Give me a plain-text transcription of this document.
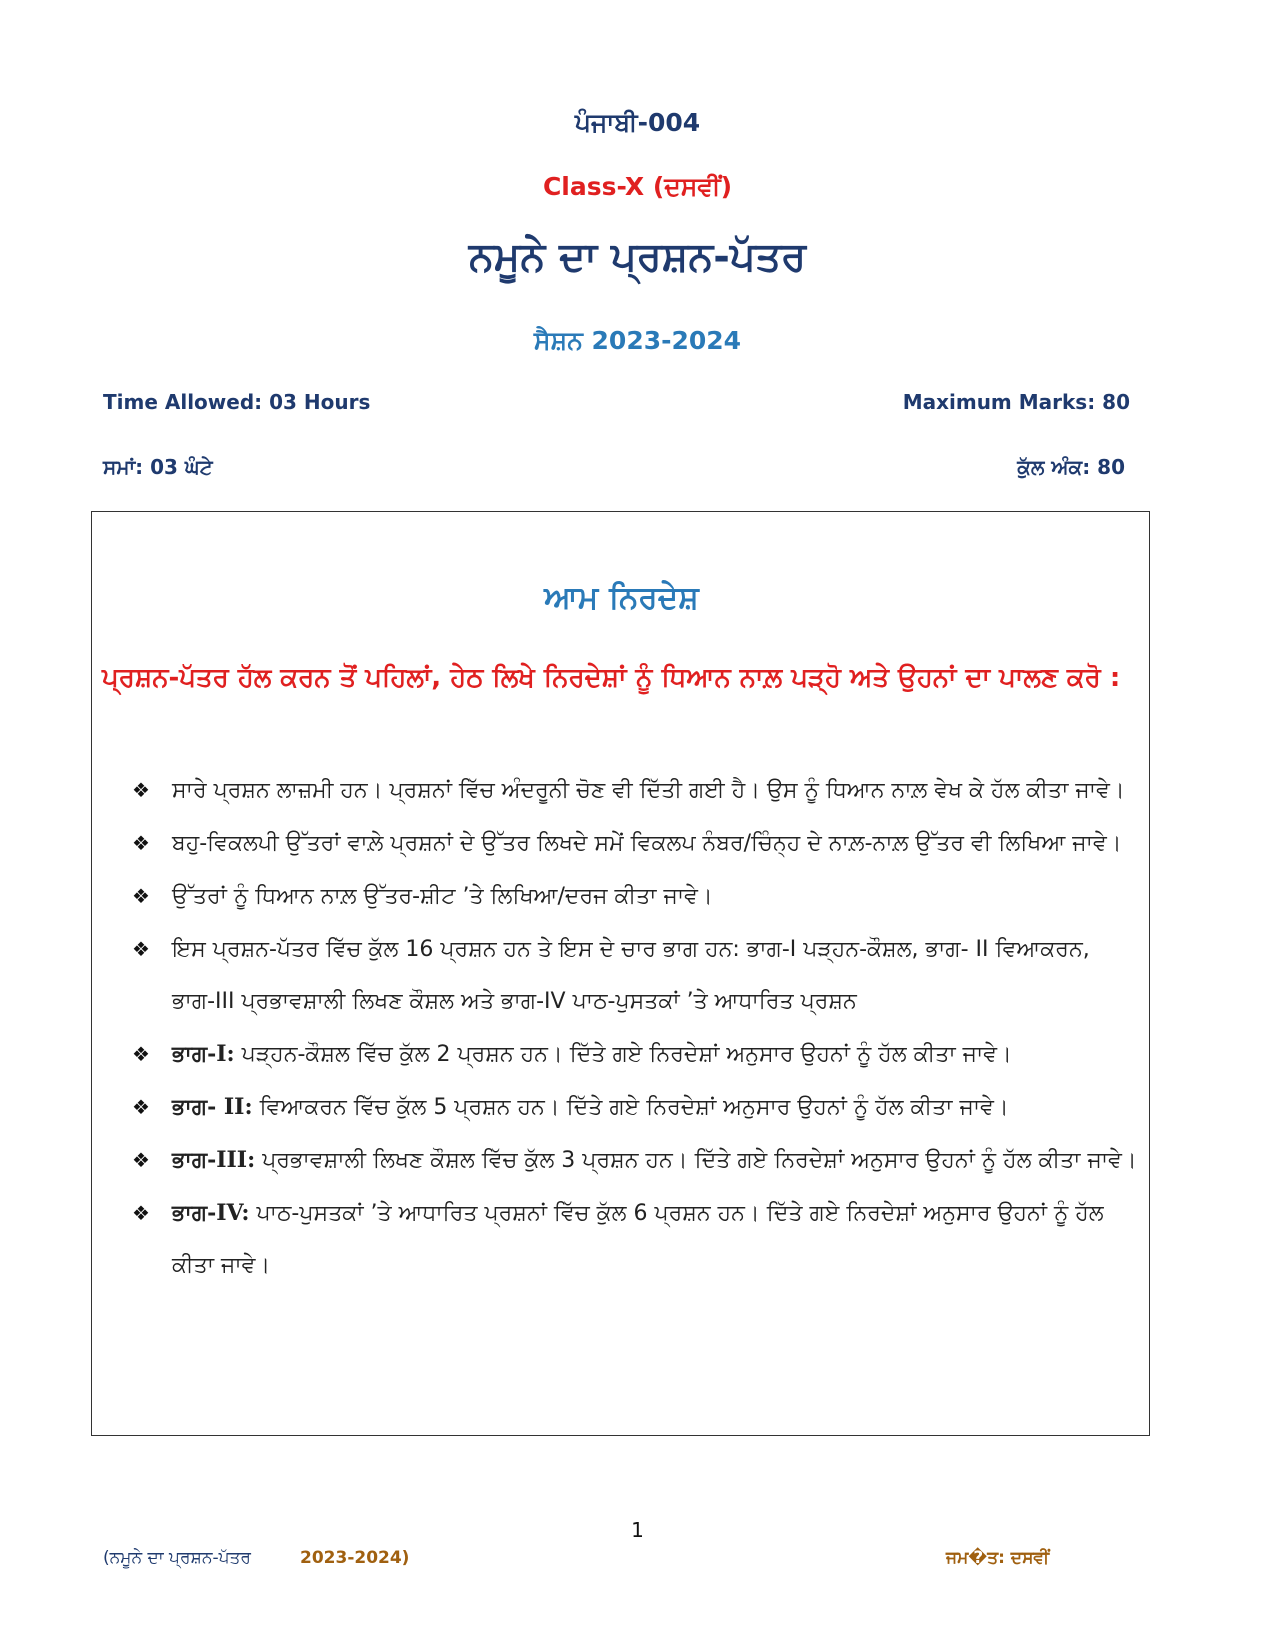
ਪੰਜਾਬੀ-004
Class-X (ਦਸਵੀਂ)
ਨਮੂਨੇ ਦਾ ਪ੍ਰਸ਼ਨ-ਪੱਤਰ
ਸੈਸ਼ਨ 2023-2024
Time Allowed: 03 Hours	Maximum Marks: 80
ਸਮਾਂ: 03 ਘੰਟੇ	ਕੁੱਲ ਅੰਕ: 80
ਆਮ ਨਿਰਦੇਸ਼
ਪ੍ਰਸ਼ਨ-ਪੱਤਰ ਹੱਲ ਕਰਨ ਤੋਂ ਪਹਿਲਾਂ, ਹੇਠ ਲਿਖੇ ਨਿਰਦੇਸ਼ਾਂ ਨੂੰ ਧਿਆਨ ਨਾਲ਼ ਪੜ੍ਹੋ ਅਤੇ ਉਹਨਾਂ ਦਾ ਪਾਲਣ ਕਰੋ :
❖ ਸਾਰੇ ਪ੍ਰਸ਼ਨ ਲਾਜ਼ਮੀ ਹਨ। ਪ੍ਰਸ਼ਨਾਂ ਵਿੱਚ ਅੰਦਰੂਨੀ ਚੋਣ ਵੀ ਦਿੱਤੀ ਗਈ ਹੈ। ਉਸ ਨੂੰ ਧਿਆਨ ਨਾਲ਼ ਵੇਖ ਕੇ ਹੱਲ ਕੀਤਾ ਜਾਵੇ।
❖ ਬਹੁ-ਵਿਕਲਪੀ ਉੱਤਰਾਂ ਵਾਲ਼ੇ ਪ੍ਰਸ਼ਨਾਂ ਦੇ ਉੱਤਰ ਲਿਖਦੇ ਸਮੇਂ ਵਿਕਲਪ ਨੰਬਰ/ਚਿੰਨ੍ਹ ਦੇ ਨਾਲ਼-ਨਾਲ਼ ਉੱਤਰ ਵੀ ਲਿਖਿਆ ਜਾਵੇ।
❖ ਉੱਤਰਾਂ ਨੂੰ ਧਿਆਨ ਨਾਲ਼ ਉੱਤਰ-ਸ਼ੀਟ ’ਤੇ ਲਿਖਿਆ/ਦਰਜ ਕੀਤਾ ਜਾਵੇ।
❖ ਇਸ ਪ੍ਰਸ਼ਨ-ਪੱਤਰ ਵਿੱਚ ਕੁੱਲ 16 ਪ੍ਰਸ਼ਨ ਹਨ ਤੇ ਇਸ ਦੇ ਚਾਰ ਭਾਗ ਹਨ: ਭਾਗ-I ਪੜ੍ਹਨ-ਕੌਸ਼ਲ, ਭਾਗ- II ਵਿਆਕਰਨ, ਭਾਗ-III ਪ੍ਰਭਾਵਸ਼ਾਲੀ ਲਿਖਣ ਕੌਸ਼ਲ ਅਤੇ ਭਾਗ-IV ਪਾਠ-ਪੁਸਤਕਾਂ ’ਤੇ ਆਧਾਰਿਤ ਪ੍ਰਸ਼ਨ
❖ ਭਾਗ-I: ਪੜ੍ਹਨ-ਕੌਸ਼ਲ ਵਿੱਚ ਕੁੱਲ 2 ਪ੍ਰਸ਼ਨ ਹਨ। ਦਿੱਤੇ ਗਏ ਨਿਰਦੇਸ਼ਾਂ ਅਨੁਸਾਰ ਉਹਨਾਂ ਨੂੰ ਹੱਲ ਕੀਤਾ ਜਾਵੇ।
❖ ਭਾਗ- II: ਵਿਆਕਰਨ ਵਿੱਚ ਕੁੱਲ 5 ਪ੍ਰਸ਼ਨ ਹਨ। ਦਿੱਤੇ ਗਏ ਨਿਰਦੇਸ਼ਾਂ ਅਨੁਸਾਰ ਉਹਨਾਂ ਨੂੰ ਹੱਲ ਕੀਤਾ ਜਾਵੇ।
❖ ਭਾਗ-III: ਪ੍ਰਭਾਵਸ਼ਾਲੀ ਲਿਖਣ ਕੌਸ਼ਲ ਵਿੱਚ ਕੁੱਲ 3 ਪ੍ਰਸ਼ਨ ਹਨ। ਦਿੱਤੇ ਗਏ ਨਿਰਦੇਸ਼ਾਂ ਅਨੁਸਾਰ ਉਹਨਾਂ ਨੂੰ ਹੱਲ ਕੀਤਾ ਜਾਵੇ।
❖ ਭਾਗ-IV: ਪਾਠ-ਪੁਸਤਕਾਂ ’ਤੇ ਆਧਾਰਿਤ ਪ੍ਰਸ਼ਨਾਂ ਵਿੱਚ ਕੁੱਲ 6 ਪ੍ਰਸ਼ਨ ਹਨ। ਦਿੱਤੇ ਗਏ ਨਿਰਦੇਸ਼ਾਂ ਅਨੁਸਾਰ ਉਹਨਾਂ ਨੂੰ ਹੱਲ ਕੀਤਾ ਜਾਵੇ।
1
(ਨਮੂਨੇ ਦਾ ਪ੍ਰਸ਼ਨ-ਪੱਤਰ	2023-2024)	ਜਮ�ਤ: ਦਸਵੀਂ
